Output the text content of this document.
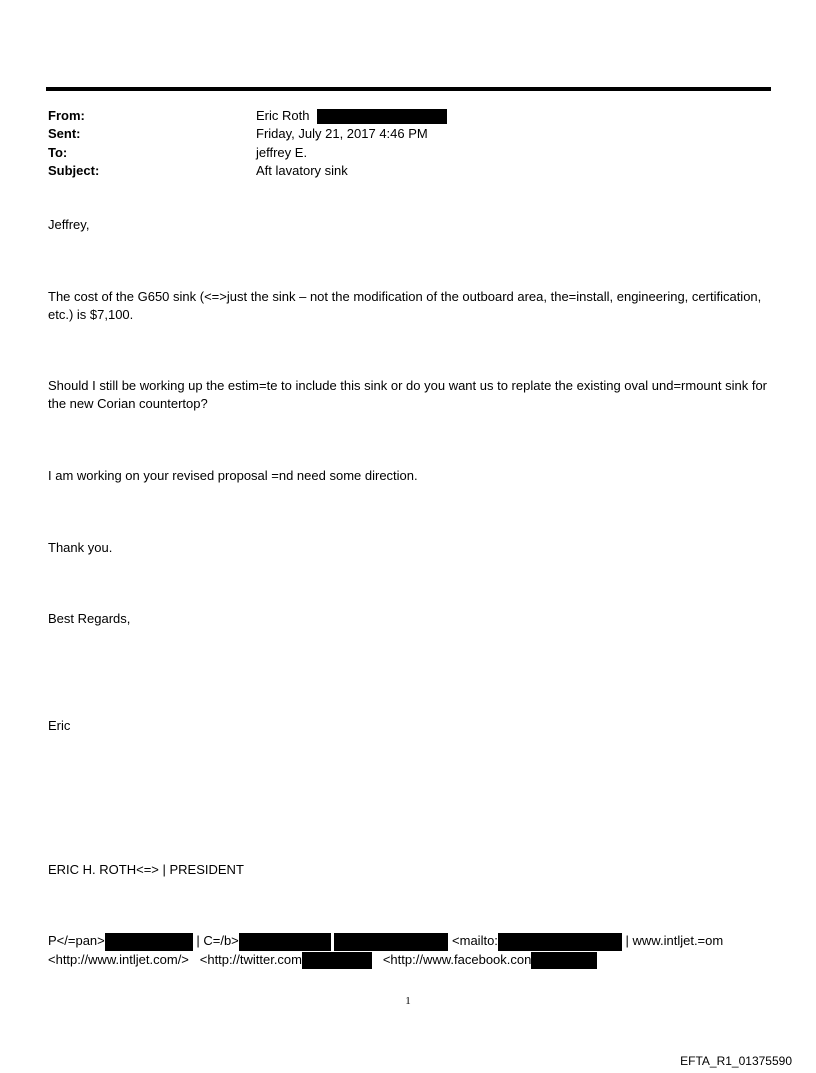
From:	Eric Roth
Sent:	Friday, July 21, 2017 4:46 PM
To:	jeffrey E.
Subject:	Aft lavatory sink
Jeffrey,
The cost of the G650 sink (<=>just the sink – not the modification of the outboard area, the=install, engineering, certification, etc.) is $7,100.
Should I still be working up the estim=te to include this sink or do you want us to replate the existing oval und=rmount sink for the new Corian countertop?
I am working on your revised proposal =nd need some direction.
Thank you.
Best Regards,
Eric
ERIC H. ROTH<=> | PRESIDENT
P</=pan>	| C=/b>	<mailto:	| www.intljet.=om
<http://www.intljet.com/> <http://twitter.com	<http://www.facebook.con
1
EFTA_R1_01375590
